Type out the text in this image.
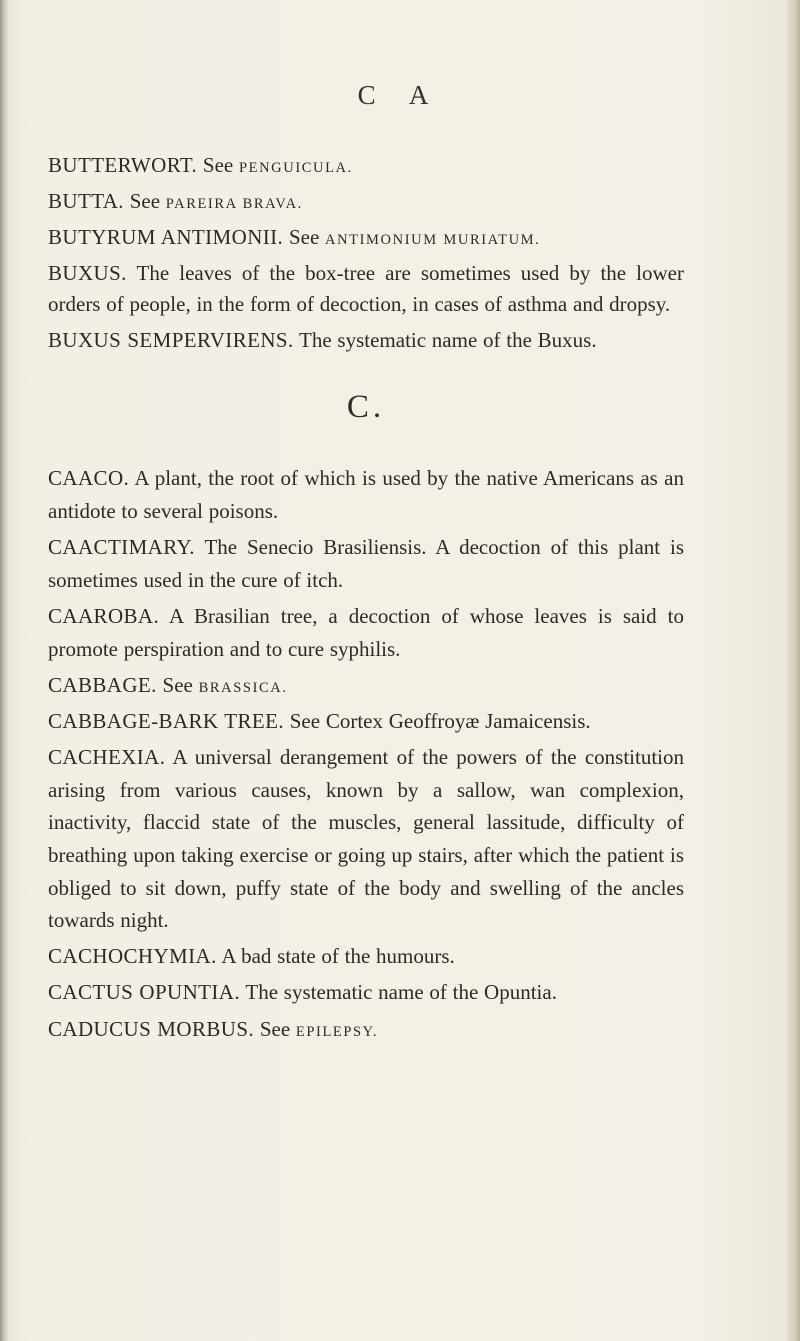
C A

BUTTERWORT. See PENGUICULA.

BUTTA. See PAREIRA BRAVA.

BUTYRUM ANTIMONII. See ANTIMONIUM MURIATUM.

BUXUS. The leaves of the box-tree are sometimes used by the lower orders of people, in the form of decoction, in cases of asthma and dropsy.

BUXUS SEMPERVIRENS. The systematic name of the Buxus.

C.

CAACO. A plant, the root of which is used by the native Americans as an antidote to several poisons.

CAACTIMARY. The Senecio Brasiliensis. A decoction of this plant is sometimes used in the cure of itch.

CAAROBA. A Brasilian tree, a decoction of whose leaves is said to promote perspiration and to cure syphilis.

CABBAGE. See BRASSICA.

CABBAGE-BARK TREE. See Cortex Geoffroyæ Jamaicensis.

CACHEXIA. A universal derangement of the powers of the constitution arising from various causes, known by a sallow, wan complexion, inactivity, flaccid state of the muscles, general lassitude, difficulty of breathing upon taking exercise or going up stairs, after which the patient is obliged to sit down, puffy state of the body and swelling of the ancles towards night.

CACHOCHYMIA. A bad state of the humours.

CACTUS OPUNTIA. The systematic name of the Opuntia.

CADUCUS MORBUS. See EPILEPSY.
